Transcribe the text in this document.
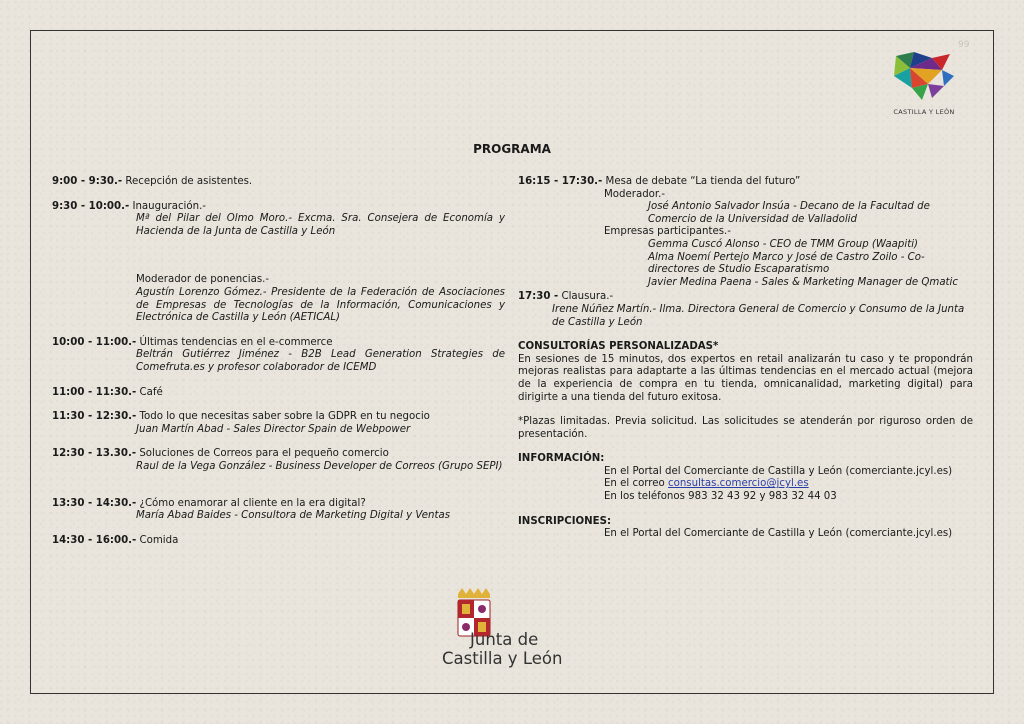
CASTILLA Y LEÓN
99
PROGRAMA
9:00 - 9:30.- Recepción de asistentes.
9:30 - 10:00.- Inauguración.-
Mª del Pilar del Olmo Moro.- Excma. Sra. Consejera de Economía y Hacienda de la Junta de Castilla y León
Moderador de ponencias.-
Agustín Lorenzo Gómez.- Presidente de la Federación de Asociaciones de Empresas de Tecnologías de la Información, Comunicaciones y Electrónica de Castilla y León (AETICAL)
10:00 - 11:00.- Últimas tendencias en el e-commerce
Beltrán Gutiérrez Jiménez - B2B Lead Generation Strategies de Comefruta.es y profesor colaborador de ICEMD
11:00 - 11:30.- Café
11:30 - 12:30.- Todo lo que necesitas saber sobre la GDPR en tu negocio
Juan Martín Abad - Sales Director Spain de Webpower
12:30 - 13.30.- Soluciones de Correos para el pequeño comercio
Raul de la Vega González - Business Developer de Correos (Grupo SEPI)
13:30 - 14:30.- ¿Cómo enamorar al cliente en la era digital?
María Abad Baides - Consultora de Marketing Digital y Ventas
14:30 - 16:00.- Comida
16:15 - 17:30.- Mesa de debate “La tienda del futuro”
Moderador.-
José Antonio Salvador Insúa - Decano de la Facultad de Comercio de la Universidad de Valladolid
Empresas participantes.-
Gemma Cuscó Alonso - CEO de TMM Group (Waapiti)
Alma Noemí Pertejo Marco y José de Castro Zoilo - Co-directores de Studio Escaparatismo
Javier Medina Paena - Sales & Marketing Manager de Qmatic
17:30 - Clausura.-
Irene Núñez Martín.- Ilma. Directora General de Comercio y Consumo de la Junta de Castilla y León
CONSULTORÍAS PERSONALIZADAS*
En sesiones de 15 minutos, dos expertos en retail analizarán tu caso y te propondrán mejoras realistas para adaptarte a las últimas tendencias en el mercado actual (mejora de la experiencia de compra en tu tienda, omnicanalidad, marketing digital) para dirigirte a una tienda del futuro exitosa.
*Plazas limitadas. Previa solicitud. Las solicitudes se atenderán por riguroso orden de presentación.
INFORMACIÓN:
En el Portal del Comerciante de Castilla y León (comerciante.jcyl.es)
En el correo consultas.comercio@jcyl.es
En los teléfonos 983 32 43 92 y 983 32 44 03
INSCRIPCIONES:
En el Portal del Comerciante de Castilla y León (comerciante.jcyl.es)
Junta de
Castilla y León
